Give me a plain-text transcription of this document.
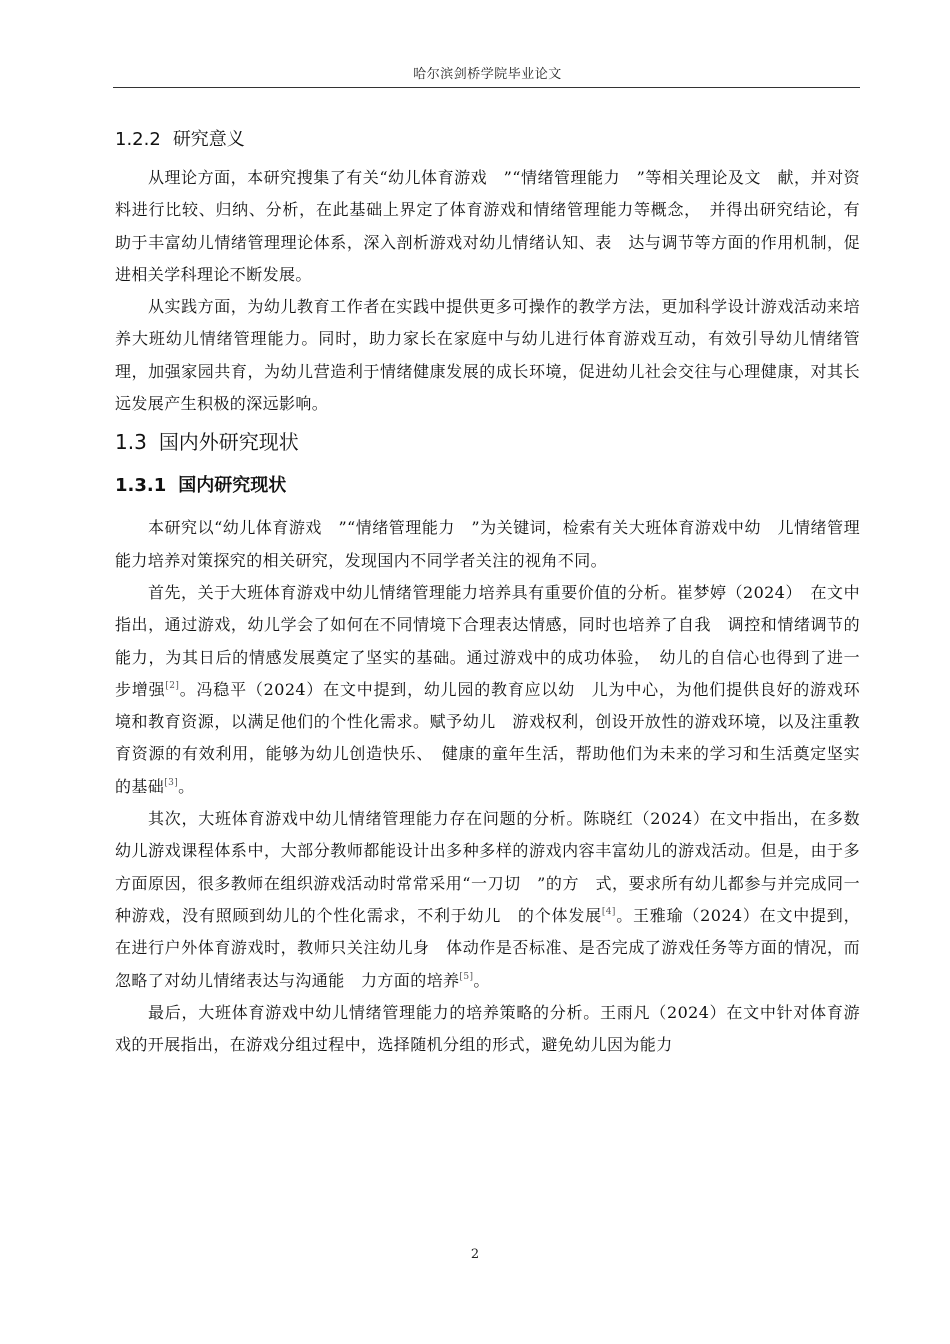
哈尔滨剑桥学院毕业论文
1.2.2 研究意义

从理论方面，本研究搜集了有关“幼儿体育游戏　”“情绪管理能力　”等相关理论及文　献，并对资料进行比较、归纳、分析，在此基础上界定了体育游戏和情绪管理能力等概念，　并得出研究结论，有助于丰富幼儿情绪管理理论体系，深入剖析游戏对幼儿情绪认知、表　达与调节等方面的作用机制，促进相关学科理论不断发展。

从实践方面，为幼儿教育工作者在实践中提供更多可操作的教学方法，更加科学设计游戏活动来培养大班幼儿情绪管理能力。同时，助力家长在家庭中与幼儿进行体育游戏互动，有效引导幼儿情绪管理，加强家园共育，为幼儿营造利于情绪健康发展的成长环境，促进幼儿社会交往与心理健康，对其长远发展产生积极的深远影响。

1.3 国内外研究现状
1.3.1 国内研究现状

本研究以“幼儿体育游戏　”“情绪管理能力　”为关键词，检索有关大班体育游戏中幼　儿情绪管理能力培养对策探究的相关研究，发现国内不同学者关注的视角不同。

首先，关于大班体育游戏中幼儿情绪管理能力培养具有重要价值的分析。崔梦婷（2024）　在文中指出，通过游戏，幼儿学会了如何在不同情境下合理表达情感，同时也培养了自我　调控和情绪调节的能力，为其日后的情感发展奠定了坚实的基础。通过游戏中的成功体验，　幼儿的自信心也得到了进一步增强[2]。冯稳平（2024）在文中提到，幼儿园的教育应以幼　儿为中心，为他们提供良好的游戏环境和教育资源，以满足他们的个性化需求。赋予幼儿　游戏权利，创设开放性的游戏环境，以及注重教育资源的有效利用，能够为幼儿创造快乐、　健康的童年生活，帮助他们为未来的学习和生活奠定坚实的基础[3]。

其次，大班体育游戏中幼儿情绪管理能力存在问题的分析。陈晓红（2024）在文中指出，在多数幼儿游戏课程体系中，大部分教师都能设计出多种多样的游戏内容丰富幼儿的游戏活动。但是，由于多方面原因，很多教师在组织游戏活动时常常采用“一刀切　”的方　式，要求所有幼儿都参与并完成同一种游戏，没有照顾到幼儿的个性化需求，不利于幼儿　的个体发展[4]。王雅瑜（2024）在文中提到，在进行户外体育游戏时，教师只关注幼儿身　体动作是否标准、是否完成了游戏任务等方面的情况，而忽略了对幼儿情绪表达与沟通能　力方面的培养[5]。

最后，大班体育游戏中幼儿情绪管理能力的培养策略的分析。王雨凡（2024）在文中针对体育游戏的开展指出，在游戏分组过程中，选择随机分组的形式，避免幼儿因为能力

2
